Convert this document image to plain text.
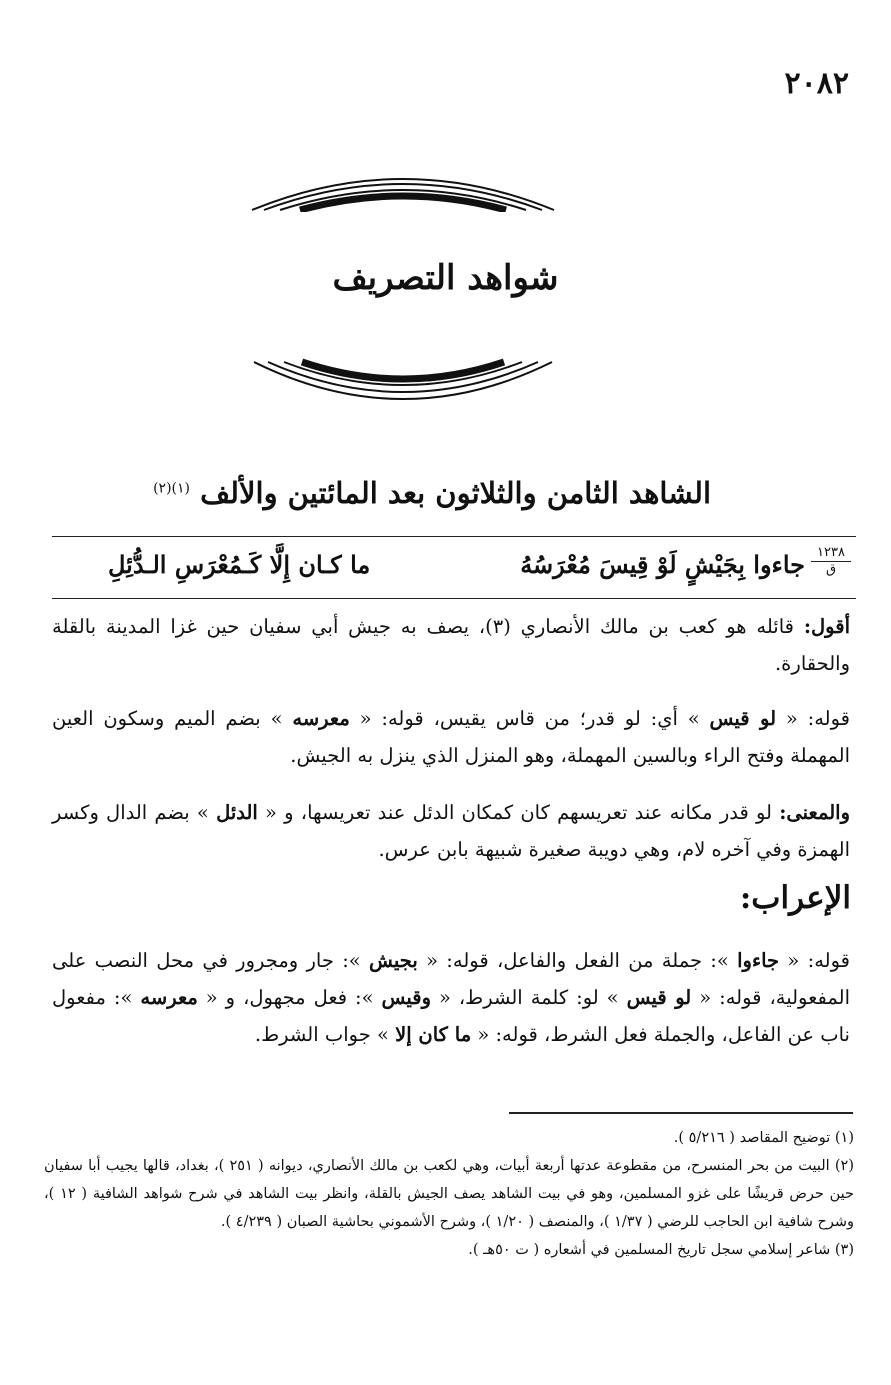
٢٠٨٢
شواهد التصريف
الشاهد الثامن والثلاثون بعد المائتين والألف $^{(١)(٢)}$
١٢٣٨
ق
جاءوا بِجَيْشٍ لَوْ قِيسَ مُعْرَسُهُ
ما كـان إِلَّا كَـمُعْرَسِ الـدُّئِلِ
أقول: قائله هو كعب بن مالك الأنصاري (٣)، يصف به جيش أبي سفيان حين غزا المدينة بالقلة والحقارة.
قوله: « لو قيس » أي: لو قدر؛ من قاس يقيس، قوله: « معرسه » بضم الميم وسكون العين المهملة وفتح الراء وبالسين المهملة، وهو المنزل الذي ينزل به الجيش.
والمعنى: لو قدر مكانه عند تعريسهم كان كمكان الدئل عند تعريسها، و « الدئل » بضم الدال وكسر الهمزة وفي آخره لام، وهي دويبة صغيرة شبيهة بابن عرس.
الإعراب:
قوله: « جاءوا »: جملة من الفعل والفاعل، قوله: « بجيش »: جار ومجرور في محل النصب على المفعولية، قوله: « لو قيس » لو: كلمة الشرط، « وقيس »: فعل مجهول، و « معرسه »: مفعول ناب عن الفاعل، والجملة فعل الشرط، قوله: « ما كان إلا » جواب الشرط.
(١) توضيح المقاصد ( ٥/٢١٦ ).
(٢) البيت من بحر المنسرح، من مقطوعة عدتها أربعة أبيات، وهي لكعب بن مالك الأنصاري، ديوانه ( ٢٥١ )، بغداد، قالها يجيب أبا سفيان حين حرض قريشًا على غزو المسلمين، وهو في بيت الشاهد يصف الجيش بالقلة، وانظر بيت الشاهد في شرح شواهد الشافية ( ١٢ )، وشرح شافية ابن الحاجب للرضي ( ١/٣٧ )، والمنصف ( ١/٢٠ )، وشرح الأشموني بحاشية الصبان ( ٤/٢٣٩ ).
(٣) شاعر إسلامي سجل تاريخ المسلمين في أشعاره ( ت ٥٠هـ ).
